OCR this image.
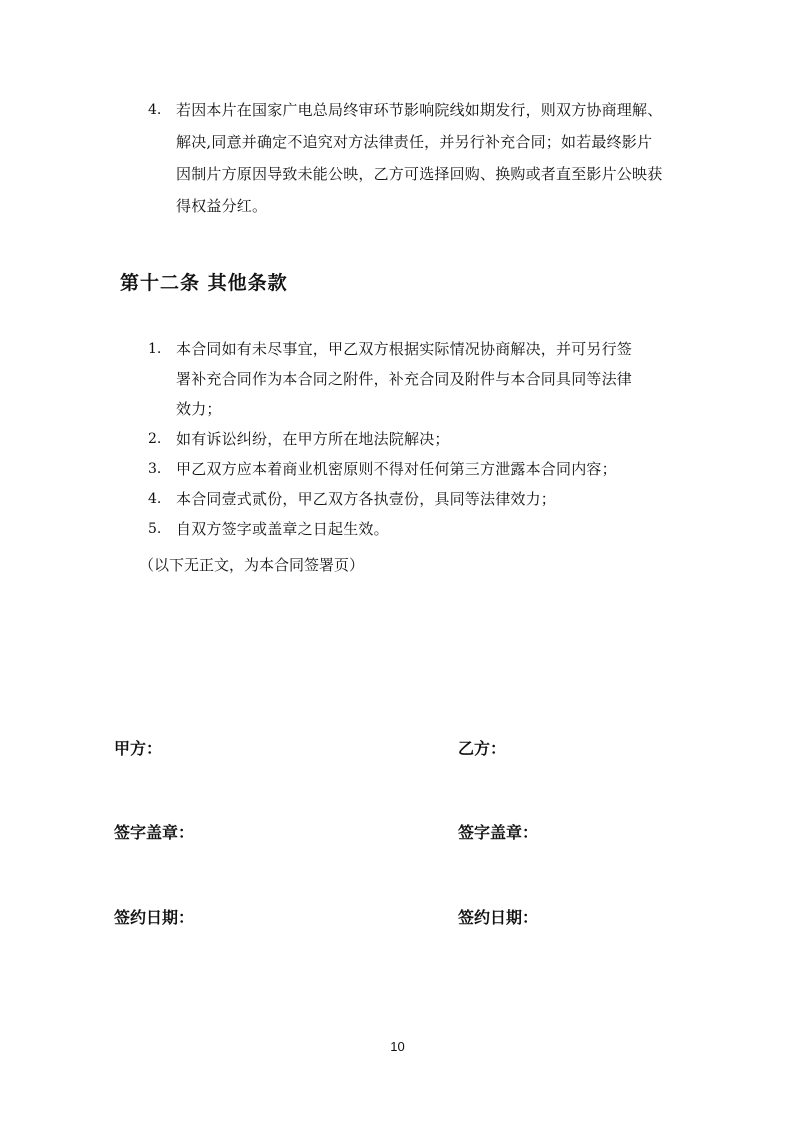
4. 若因本片在国家广电总局终审环节影响院线如期发行，则双方协商理解、
解决,同意并确定不追究对方法律责任，并另行补充合同；如若最终影片
因制片方原因导致未能公映，乙方可选择回购、换购或者直至影片公映获
得权益分红。
第十二条 其他条款
1. 本合同如有未尽事宜，甲乙双方根据实际情况协商解决，并可另行签
署补充合同作为本合同之附件，补充合同及附件与本合同具同等法律
效力；
2. 如有诉讼纠纷，在甲方所在地法院解决；
3. 甲乙双方应本着商业机密原则不得对任何第三方泄露本合同内容；
4. 本合同壹式贰份，甲乙双方各执壹份，具同等法律效力；
5. 自双方签字或盖章之日起生效。
（以下无正文，为本合同签署页）
甲方：	乙方：
签字盖章：	签字盖章：
签约日期：	签约日期：
10
